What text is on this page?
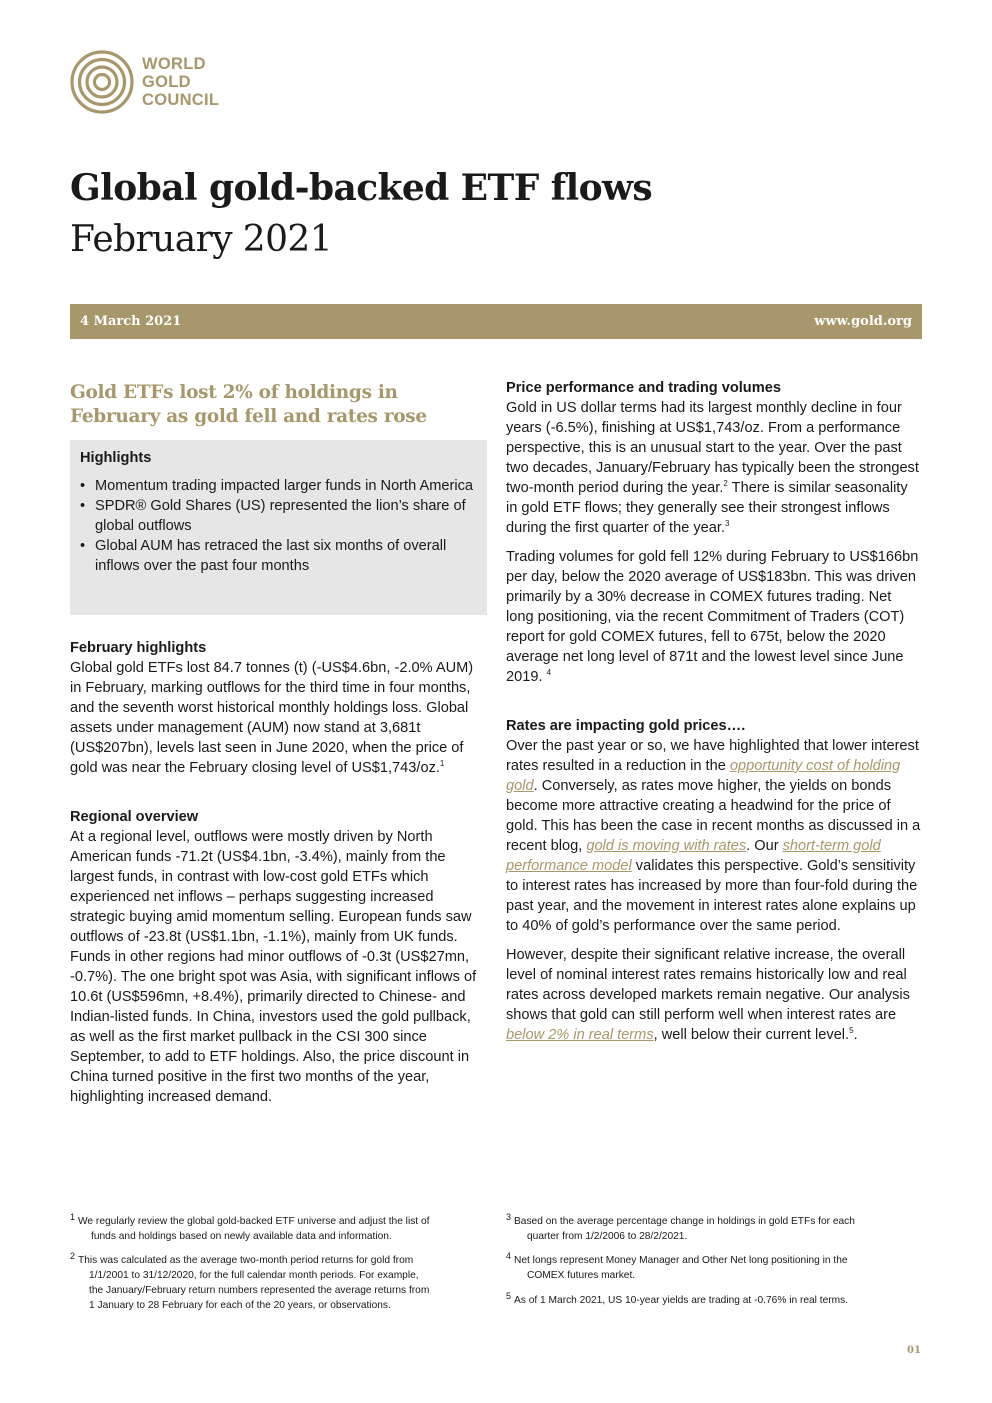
WORLD
GOLD
COUNCIL
Global gold-backed ETF flows
February 2021
4 March 2021	www.gold.org
Gold ETFs lost 2% of holdings in February as gold fell and rates rose
Highlights
• Momentum trading impacted larger funds in North America
• SPDR® Gold Shares (US) represented the lion’s share of global outflows
• Global AUM has retraced the last six months of overall inflows over the past four months
February highlights

Global gold ETFs lost 84.7 tonnes (t) (-US$4.6bn, -2.0% AUM) in February, marking outflows for the third time in four months, and the seventh worst historical monthly holdings loss. Global assets under management (AUM) now stand at 3,681t (US$207bn), levels last seen in June 2020, when the price of gold was near the February closing level of US$1,743/oz.$^1$

Regional overview

At a regional level, outflows were mostly driven by North American funds -71.2t (US$4.1bn, -3.4%), mainly from the largest funds, in contrast with low-cost gold ETFs which experienced net inflows – perhaps suggesting increased strategic buying amid momentum selling. European funds saw outflows of -23.8t (US$1.1bn, -1.1%), mainly from UK funds. Funds in other regions had minor outflows of -0.3t (US$27mn, -0.7%). The one bright spot was Asia, with significant inflows of 10.6t (US$596mn, +8.4%), primarily directed to Chinese- and Indian-listed funds. In China, investors used the gold pullback, as well as the first market pullback in the CSI 300 since September, to add to ETF holdings. Also, the price discount in China turned positive in the first two months of the year, highlighting increased demand.

Price performance and trading volumes

Gold in US dollar terms had its largest monthly decline in four years (-6.5%), finishing at US$1,743/oz. From a performance perspective, this is an unusual start to the year. Over the past two decades, January/February has typically been the strongest two-month period during the year.$^2$ There is similar seasonality in gold ETF flows; they generally see their strongest inflows during the first quarter of the year.$^3$

Trading volumes for gold fell 12% during February to US$166bn per day, below the 2020 average of US$183bn. This was driven primarily by a 30% decrease in COMEX futures trading. Net long positioning, via the recent Commitment of Traders (COT) report for gold COMEX futures, fell to 675t, below the 2020 average net long level of 871t and the lowest level since June 2019. $^4$

Rates are impacting gold prices….

Over the past year or so, we have highlighted that lower interest rates resulted in a reduction in the opportunity cost of holding gold. Conversely, as rates move higher, the yields on bonds become more attractive creating a headwind for the price of gold. This has been the case in recent months as discussed in a recent blog, gold is moving with rates. Our short-term gold performance model validates this perspective. Gold’s sensitivity to interest rates has increased by more than four-fold during the past year, and the movement in interest rates alone explains up to 40% of gold’s performance over the same period.

However, despite their significant relative increase, the overall level of nominal interest rates remains historically low and real rates across developed markets remain negative. Our analysis shows that gold can still perform well when interest rates are below 2% in real terms, well below their current level.$^5$.

1 We regularly review the global gold-backed ETF universe and adjust the list of
funds and holdings based on newly available data and information.
2 This was calculated as the average two-month period returns for gold from
1/1/2001 to 31/12/2020, for the full calendar month periods. For example,
the January/February return numbers represented the average returns from
1 January to 28 February for each of the 20 years, or observations.
3 Based on the average percentage change in holdings in gold ETFs for each
quarter from 1/2/2006 to 28/2/2021.
4 Net longs represent Money Manager and Other Net long positioning in the
COMEX futures market.
5 As of 1 March 2021, US 10-year yields are trading at -0.76% in real terms.
01
